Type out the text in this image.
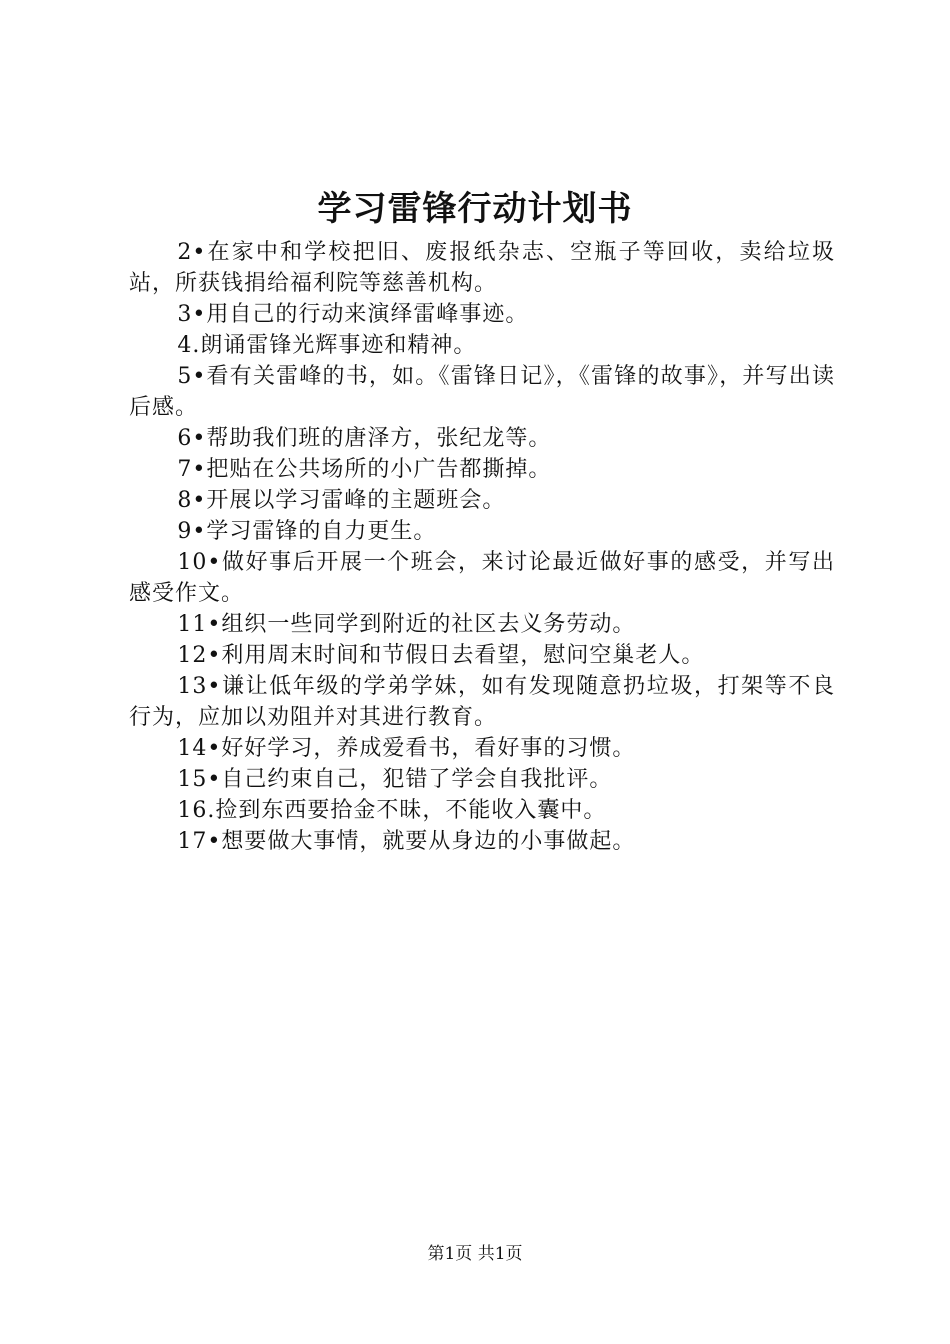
学习雷锋行动计划书

2•在家中和学校把旧、废报纸杂志、空瓶子等回收，卖给垃圾站，所获钱捐给福利院等慈善机构。

3•用自己的行动来演绎雷峰事迹。

4.朗诵雷锋光辉事迹和精神。

5•看有关雷峰的书，如。《雷锋日记》，《雷锋的故事》，并写出读后感。

6•帮助我们班的唐泽方，张纪龙等。

7•把贴在公共场所的小广告都撕掉。

8•开展以学习雷峰的主题班会。

9•学习雷锋的自力更生。

10•做好事后开展一个班会，来讨论最近做好事的感受，并写出感受作文。

11•组织一些同学到附近的社区去义务劳动。

12•利用周末时间和节假日去看望，慰问空巢老人。

13•谦让低年级的学弟学妹，如有发现随意扔垃圾，打架等不良行为，应加以劝阻并对其进行教育。

14•好好学习，养成爱看书，看好事的习惯。

15•自己约束自己，犯错了学会自我批评。

16.捡到东西要拾金不昧，不能收入囊中。

17•想要做大事情，就要从身边的小事做起。

第1页 共1页
